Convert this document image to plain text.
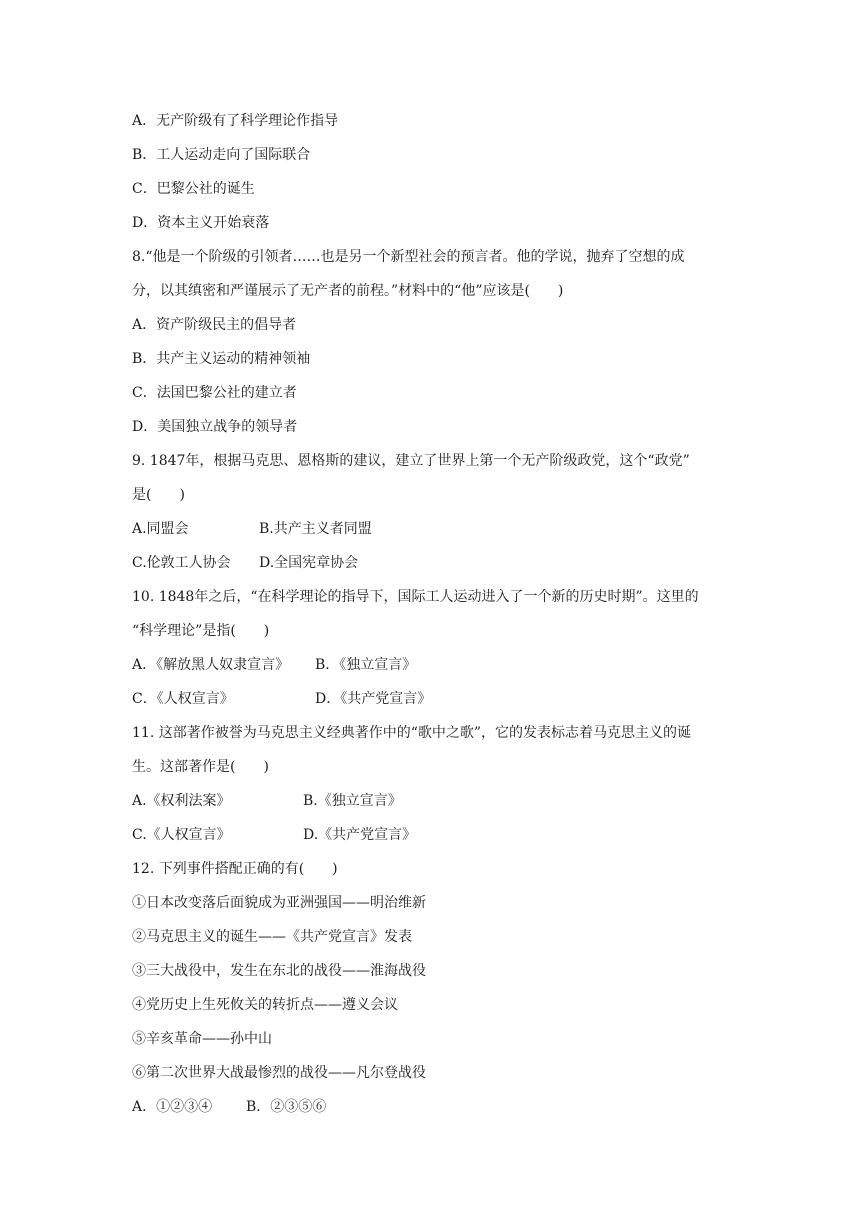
A．无产阶级有了科学理论作指导
B．工人运动走向了国际联合
C．巴黎公社的诞生
D．资本主义开始衰落
8.“他是一个阶级的引领者……也是另一个新型社会的预言者。他的学说，抛弃了空想的成
分，以其缜密和严谨展示了无产者的前程。”材料中的“他”应该是(　　)
A．资产阶级民主的倡导者
B．共产主义运动的精神领袖
C．法国巴黎公社的建立者
D．美国独立战争的领导者
9. 1847年，根据马克思、恩格斯的建议，建立了世界上第一个无产阶级政党，这个“政党”
是(　　)
A.同盟会	B.共产主义者同盟
C.伦敦工人协会	D.全国宪章协会
10. 1848年之后，“在科学理论的指导下，国际工人运动进入了一个新的历史时期”。这里的
“科学理论”是指(　　)
A．《解放黑人奴隶宣言》	B．《独立宣言》
C．《人权宣言》	D．《共产党宣言》
11. 这部著作被誉为马克思主义经典著作中的“歌中之歌”，它的发表标志着马克思主义的诞
生。这部著作是(　　)
A.《权利法案》	B.《独立宣言》
C.《人权宣言》	D.《共产党宣言》
12. 下列事件搭配正确的有(　　)
①日本改变落后面貌成为亚洲强国——明治维新
②马克思主义的诞生——《共产党宣言》发表
③三大战役中，发生在东北的战役——淮海战役
④党历史上生死攸关的转折点——遵义会议
⑤辛亥革命——孙中山
⑥第二次世界大战最惨烈的战役——凡尔登战役
A．①②③④	B．②③⑤⑥
